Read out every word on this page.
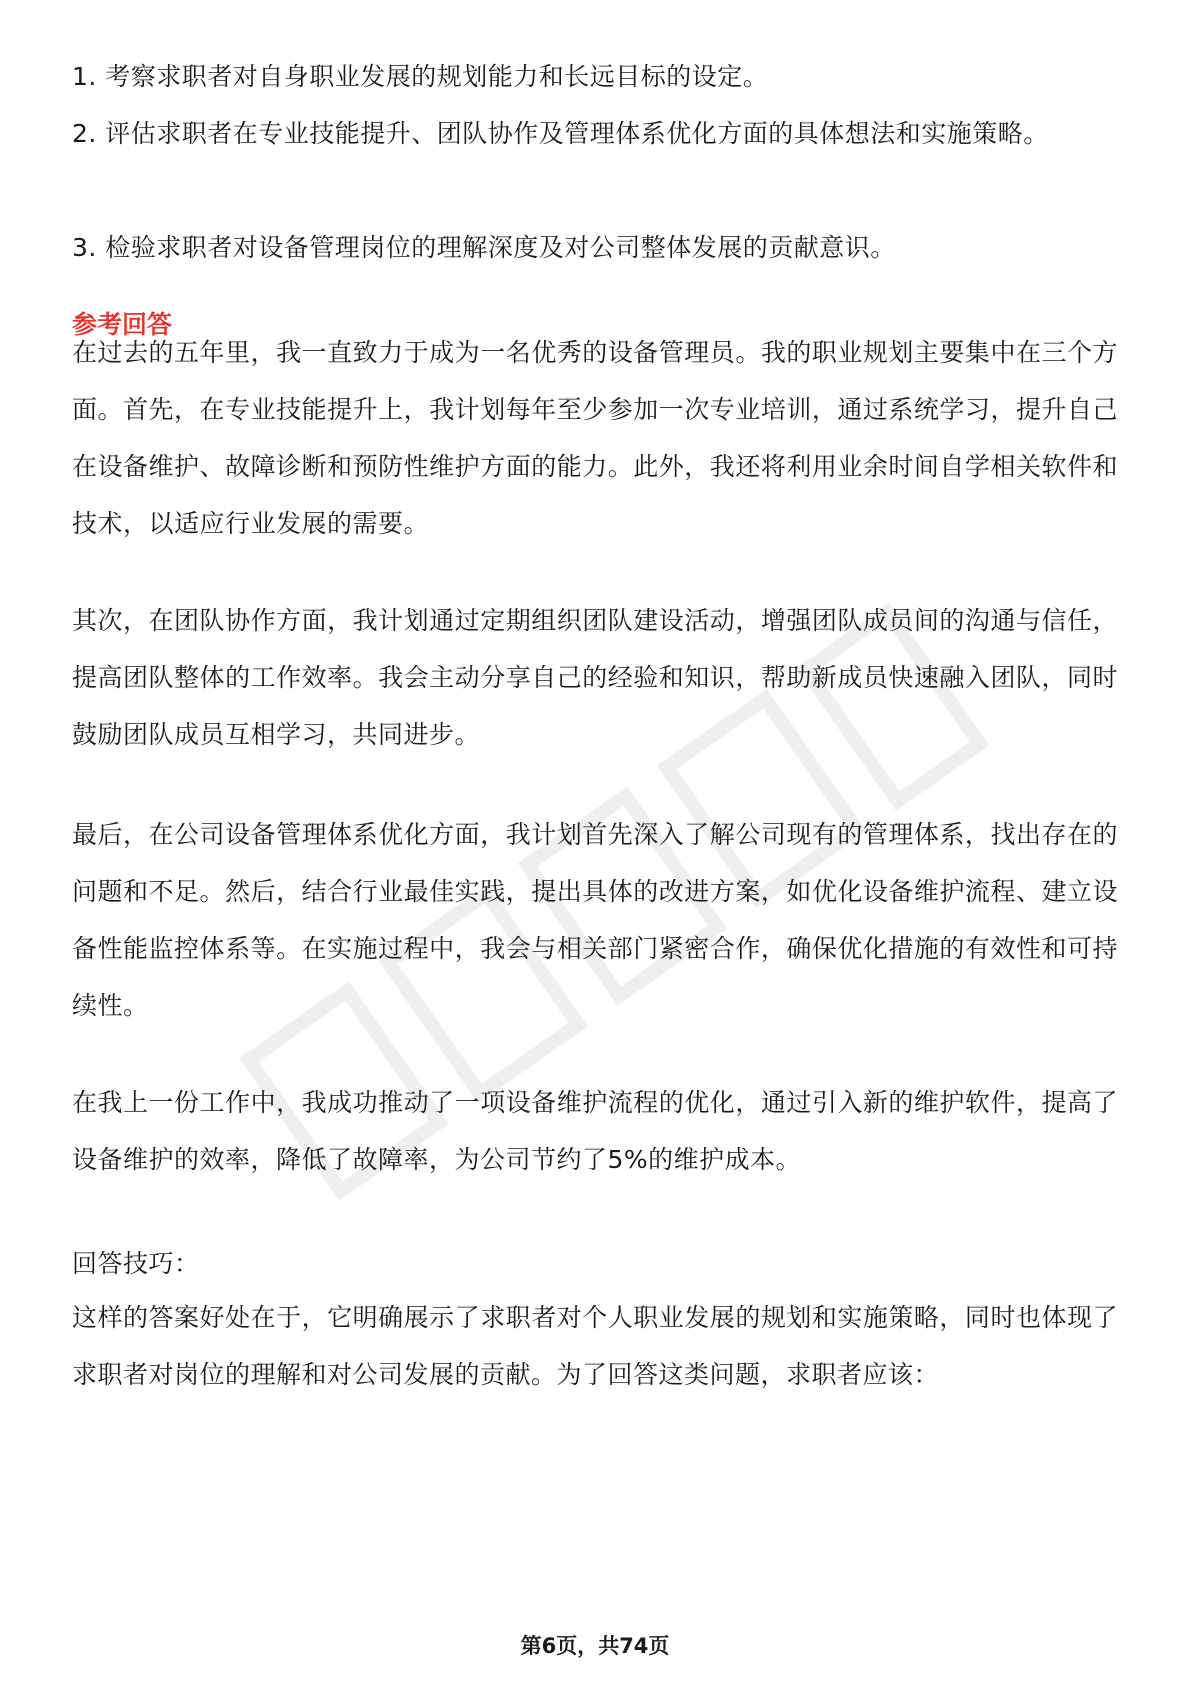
1. 考察求职者对自身职业发展的规划能力和长远目标的设定。

2. 评估求职者在专业技能提升、团队协作及管理体系优化方面的具体想法和实施策略。

3. 检验求职者对设备管理岗位的理解深度及对公司整体发展的贡献意识。

参考回答

在过去的五年里，我一直致力于成为一名优秀的设备管理员。我的职业规划主要集中在三个方面。首先，在专业技能提升上，我计划每年至少参加一次专业培训，通过系统学习，提升自己在设备维护、故障诊断和预防性维护方面的能力。此外，我还将利用业余时间自学相关软件和技术，以适应行业发展的需要。

其次，在团队协作方面，我计划通过定期组织团队建设活动，增强团队成员间的沟通与信任，提高团队整体的工作效率。我会主动分享自己的经验和知识，帮助新成员快速融入团队，同时鼓励团队成员互相学习，共同进步。

最后，在公司设备管理体系优化方面，我计划首先深入了解公司现有的管理体系，找出存在的问题和不足。然后，结合行业最佳实践，提出具体的改进方案，如优化设备维护流程、建立设备性能监控体系等。在实施过程中，我会与相关部门紧密合作，确保优化措施的有效性和可持续性。

在我上一份工作中，我成功推动了一项设备维护流程的优化，通过引入新的维护软件，提高了设备维护的效率，降低了故障率，为公司节约了5%的维护成本。

回答技巧：

这样的答案好处在于，它明确展示了求职者对个人职业发展的规划和实施策略，同时也体现了求职者对岗位的理解和对公司发展的贡献。为了回答这类问题，求职者应该：

第6页，共74页
